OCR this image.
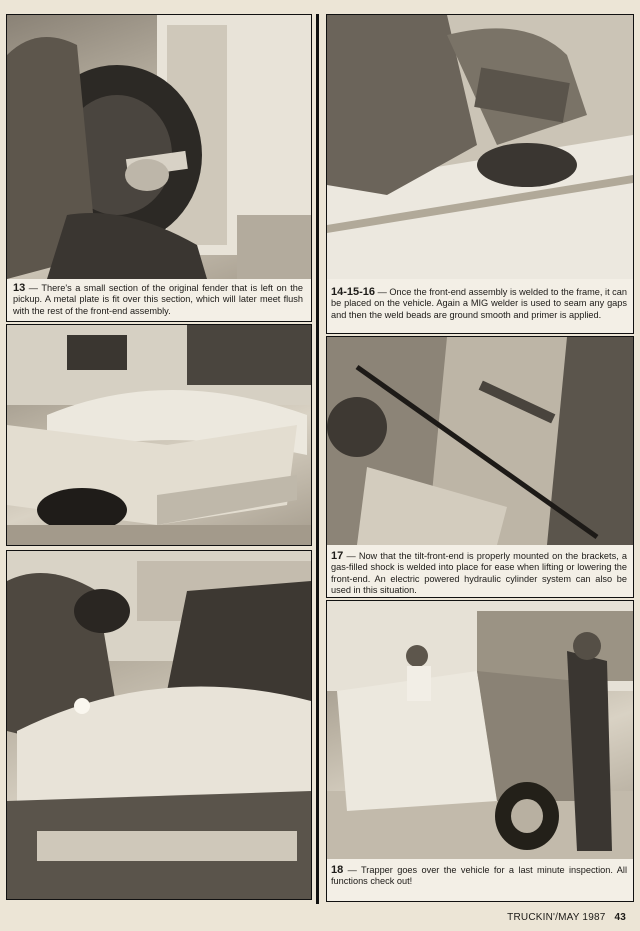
13 — There's a small section of the original fender that is left on the pickup. A metal plate is fit over this section, which will later meet flush with the rest of the front-end assembly.
14-15-16 — Once the front-end assembly is welded to the frame, it can be placed on the vehicle. Again a MIG welder is used to seam any gaps and then the weld beads are ground smooth and primer is applied.
17 — Now that the tilt-front-end is properly mounted on the brackets, a gas-filled shock is welded into place for ease when lifting or lowering the front-end. An electric powered hydraulic cylinder system can also be used in this situation.
18 — Trapper goes over the vehicle for a last minute inspection. All functions check out!
TRUCKIN'/MAY 1987 43
